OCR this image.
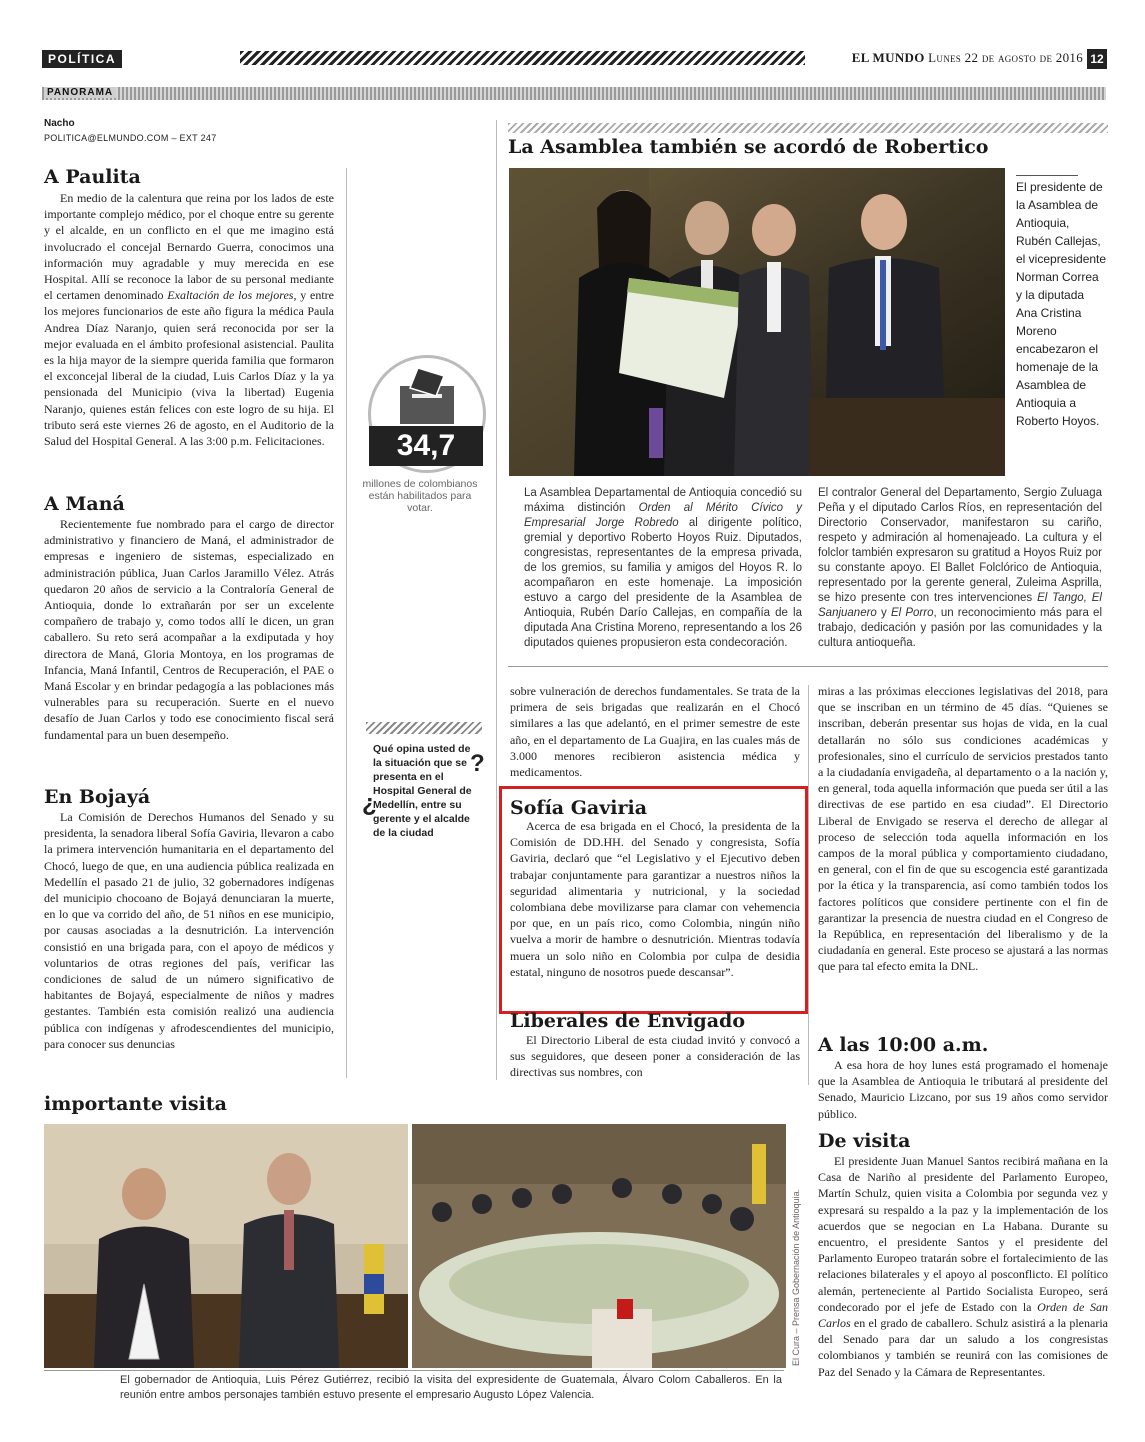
POLÍTICA	EL MUNDO Lunes 22 de agosto de 2016 12
PANORAMA
Nacho
POLITICA@ELMUNDO.COM – EXT 247
A Paulita

En medio de la calentura que reina por los lados de este importante complejo médico, por el choque entre su gerente y el alcalde, en un conflicto en el que me imagino está involucrado el concejal Bernardo Guerra, conocimos una información muy agradable y muy merecida en ese Hospital. Allí se reconoce la labor de su personal mediante el certamen denominado Exaltación de los mejores, y entre los mejores funcionarios de este año figura la médica Paula Andrea Díaz Naranjo, quien será reconocida por ser la mejor evaluada en el ámbito profesional asistencial. Paulita es la hija mayor de la siempre querida familia que formaron el exconcejal liberal de la ciudad, Luis Carlos Díaz y la ya pensionada del Municipio (viva la libertad) Eugenia Naranjo, quienes están felices con este logro de su hija. El tributo será este viernes 26 de agosto, en el Auditorio de la Salud del Hospital General. A las 3:00 p.m. Felicitaciones.

A Maná

Recientemente fue nombrado para el cargo de director administrativo y financiero de Maná, el administrador de empresas e ingeniero de sistemas, especializado en administración pública, Juan Carlos Jaramillo Vélez. Atrás quedaron 20 años de servicio a la Contraloría General de Antioquia, donde lo extrañarán por ser un excelente compañero de trabajo y, como todos allí le dicen, un gran caballero. Su reto será acompañar a la exdiputada y hoy directora de Maná, Gloria Montoya, en los programas de Infancia, Maná Infantil, Centros de Recuperación, el PAE o Maná Escolar y en brindar pedagogía a las poblaciones más vulnerables para su recuperación. Suerte en el nuevo desafío de Juan Carlos y todo ese conocimiento fiscal será fundamental para un buen desempeño.

En Bojayá

La Comisión de Derechos Humanos del Senado y su presidenta, la senadora liberal Sofía Gaviria, llevaron a cabo la primera intervención humanitaria en el departamento del Chocó, luego de que, en una audiencia pública realizada en Medellín el pasado 21 de julio, 32 gobernadores indígenas del municipio chocoano de Bojayá denunciaran la muerte, en lo que va corrido del año, de 51 niños en ese municipio, por causas asociadas a la desnutrición. La intervención consistió en una brigada para, con el apoyo de médicos y voluntarios de otras regiones del país, verificar las condiciones de salud de un número significativo de habitantes de Bojayá, especialmente de niños y madres gestantes. También esta comisión realizó una audiencia pública con indígenas y afrodescendientes del municipio, para conocer sus denuncias

34,7
millones de colombianos están habilitados para votar.
Qué opina usted de la situación que se presenta en el Hospital General de Medellín, entre su gerente y el alcalde de la ciudad
¿
?
La Asamblea también se acordó de Robertico
El presidente de la Asamblea de Antioquia, Rubén Callejas, el vicepresidente Norman Correa y la diputada Ana Cristina Moreno encabezaron el homenaje de la Asamblea de Antioquia a Roberto Hoyos.

La Asamblea Departamental de Antioquia concedió su máxima distinción Orden al Mérito Cívico y Empresarial Jorge Robredo al dirigente político, gremial y deportivo Roberto Hoyos Ruiz. Diputados, congresistas, representantes de la empresa privada, de los gremios, su familia y amigos del Hoyos R. lo acompañaron en este homenaje. La imposición estuvo a cargo del presidente de la Asamblea de Antioquia, Rubén Darío Callejas, en compañía de la diputada Ana Cristina Moreno, representando a los 26 diputados quienes propusieron esta condecoración.

El contralor General del Departamento, Sergio Zuluaga Peña y el diputado Carlos Ríos, en representación del Directorio Conservador, manifestaron su cariño, respeto y admiración al homenajeado. La cultura y el folclor también expresaron su gratitud a Hoyos Ruiz por su constante apoyo. El Ballet Folclórico de Antioquia, representado por la gerente general, Zuleima Asprilla, se hizo presente con tres intervenciones El Tango, El Sanjuanero y El Porro, un reconocimiento más para el trabajo, dedicación y pasión por las comunidades y la cultura antioqueña.

sobre vulneración de derechos fundamentales. Se trata de la primera de seis brigadas que realizarán en el Chocó similares a las que adelantó, en el primer semestre de este año, en el departamento de La Guajira, en las cuales más de 3.000 menores recibieron asistencia médica y medicamentos.

Sofía Gaviria

Acerca de esa brigada en el Chocó, la presidenta de la Comisión de DD.HH. del Senado y congresista, Sofía Gaviria, declaró que “el Legislativo y el Ejecutivo deben trabajar conjuntamente para garantizar a nuestros niños la seguridad alimentaria y nutricional, y la sociedad colombiana debe movilizarse para clamar con vehemencia por que, en un país rico, como Colombia, ningún niño vuelva a morir de hambre o desnutrición. Mientras todavía muera un solo niño en Colombia por culpa de desidia estatal, ninguno de nosotros puede descansar”.

Liberales de Envigado

El Directorio Liberal de esta ciudad invitó y convocó a sus seguidores, que deseen poner a consideración de las directivas sus nombres, con

miras a las próximas elecciones legislativas del 2018, para que se inscriban en un término de 45 días. “Quienes se inscriban, deberán presentar sus hojas de vida, en la cual detallarán no sólo sus condiciones académicas y profesionales, sino el currículo de servicios prestados tanto a la ciudadanía envigadeña, al departamento o a la nación y, en general, toda aquella información que pueda ser útil a las directivas de ese partido en esa ciudad”. El Directorio Liberal de Envigado se reserva el derecho de allegar al proceso de selección toda aquella información en los campos de la moral pública y comportamiento ciudadano, en general, con el fin de que su escogencia esté garantizada por la ética y la transparencia, así como también todos los factores políticos que considere pertinente con el fin de garantizar la presencia de nuestra ciudad en el Congreso de la República, en representación del liberalismo y de la ciudadanía en general. Este proceso se ajustará a las normas que para tal efecto emita la DNL.

A las 10:00 a.m.

A esa hora de hoy lunes está programado el homenaje que la Asamblea de Antioquia le tributará al presidente del Senado, Mauricio Lizcano, por sus 19 años como servidor público.

De visita

El presidente Juan Manuel Santos recibirá mañana en la Casa de Nariño al presidente del Parlamento Europeo, Martín Schulz, quien visita a Colombia por segunda vez y expresará su respaldo a la paz y la implementación de los acuerdos que se negocian en La Habana. Durante su encuentro, el presidente Santos y el presidente del Parlamento Europeo tratarán sobre el fortalecimiento de las relaciones bilaterales y el apoyo al posconflicto. El político alemán, perteneciente al Partido Socialista Europeo, será condecorado por el jefe de Estado con la Orden de San Carlos en el grado de caballero. Schulz asistirá a la plenaria del Senado para dar un saludo a los congresistas colombianos y también se reunirá con las comisiones de Paz del Senado y la Cámara de Representantes.

importante visita
El Cura – Prensa Gobernación de Antioquia.

El gobernador de Antioquia, Luis Pérez Gutiérrez, recibió la visita del expresidente de Guatemala, Álvaro Colom Caballeros. En la reunión entre ambos personajes también estuvo presente el empresario Augusto López Valencia.
